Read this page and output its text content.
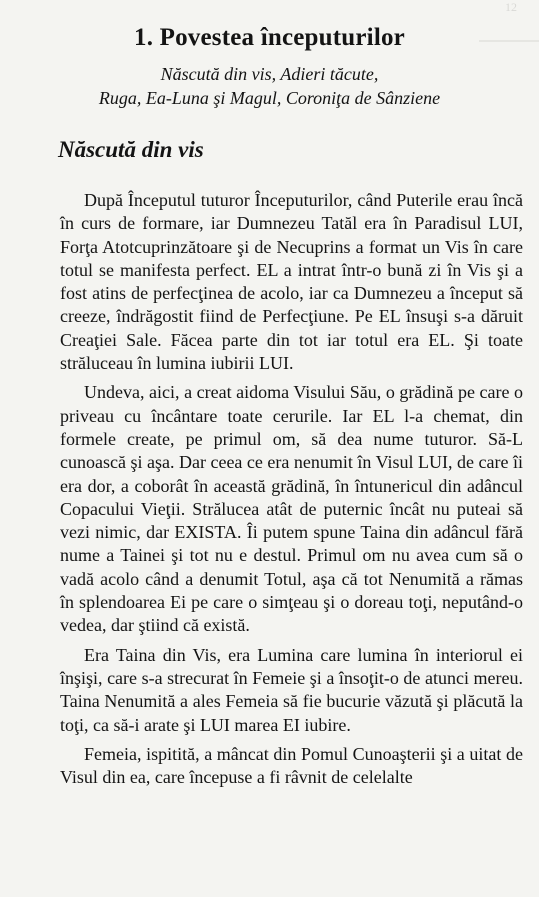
12
1. Povestea începuturilor
Născută din vis, Adieri tăcute,
Ruga, Ea-Luna şi Magul, Coroniţa de Sânziene
Născută din vis

După Începutul tuturor Începuturilor, când Puterile erau încă în curs de formare, iar Dumnezeu Tatăl era în Paradisul LUI, Forţa Atotcuprinzătoare şi de Necuprins a format un Vis în care totul se manifesta perfect. EL a intrat într-o bună zi în Vis şi a fost atins de perfecţinea de acolo, iar ca Dumnezeu a început să creeze, îndrăgostit fiind de Perfecţiune. Pe EL însuşi s-a dăruit Creaţiei Sale. Făcea parte din tot iar totul era EL. Şi toate străluceau în lumina iubirii LUI.

Undeva, aici, a creat aidoma Visului Său, o grădină pe care o priveau cu încântare toate cerurile. Iar EL l-a chemat, din formele create, pe primul om, să dea nume tuturor. Să-L cunoască şi aşa. Dar ceea ce era nenumit în Visul LUI, de care îi era dor, a coborât în această grădină, în întunericul din adâncul Copacului Vieţii. Strălucea atât de puternic încât nu puteai să vezi nimic, dar EXISTA. Îi putem spune Taina din adâncul fără nume a Tainei şi tot nu e destul. Primul om nu avea cum să o vadă acolo când a denumit Totul, aşa că tot Nenumită a rămas în splendoarea Ei pe care o simţeau şi o doreau toţi, neputând-o vedea, dar ştiind că există.

Era Taina din Vis, era Lumina care lumina în interiorul ei înşişi, care s-a strecurat în Femeie şi a însoţit-o de atunci mereu. Taina Nenumită a ales Femeia să fie bucurie văzută şi plăcută la toţi, ca să-i arate şi LUI marea EI iubire.

Femeia, ispitită, a mâncat din Pomul Cunoaşterii şi a uitat de Visul din ea, care începuse a fi râvnit de celelalte
